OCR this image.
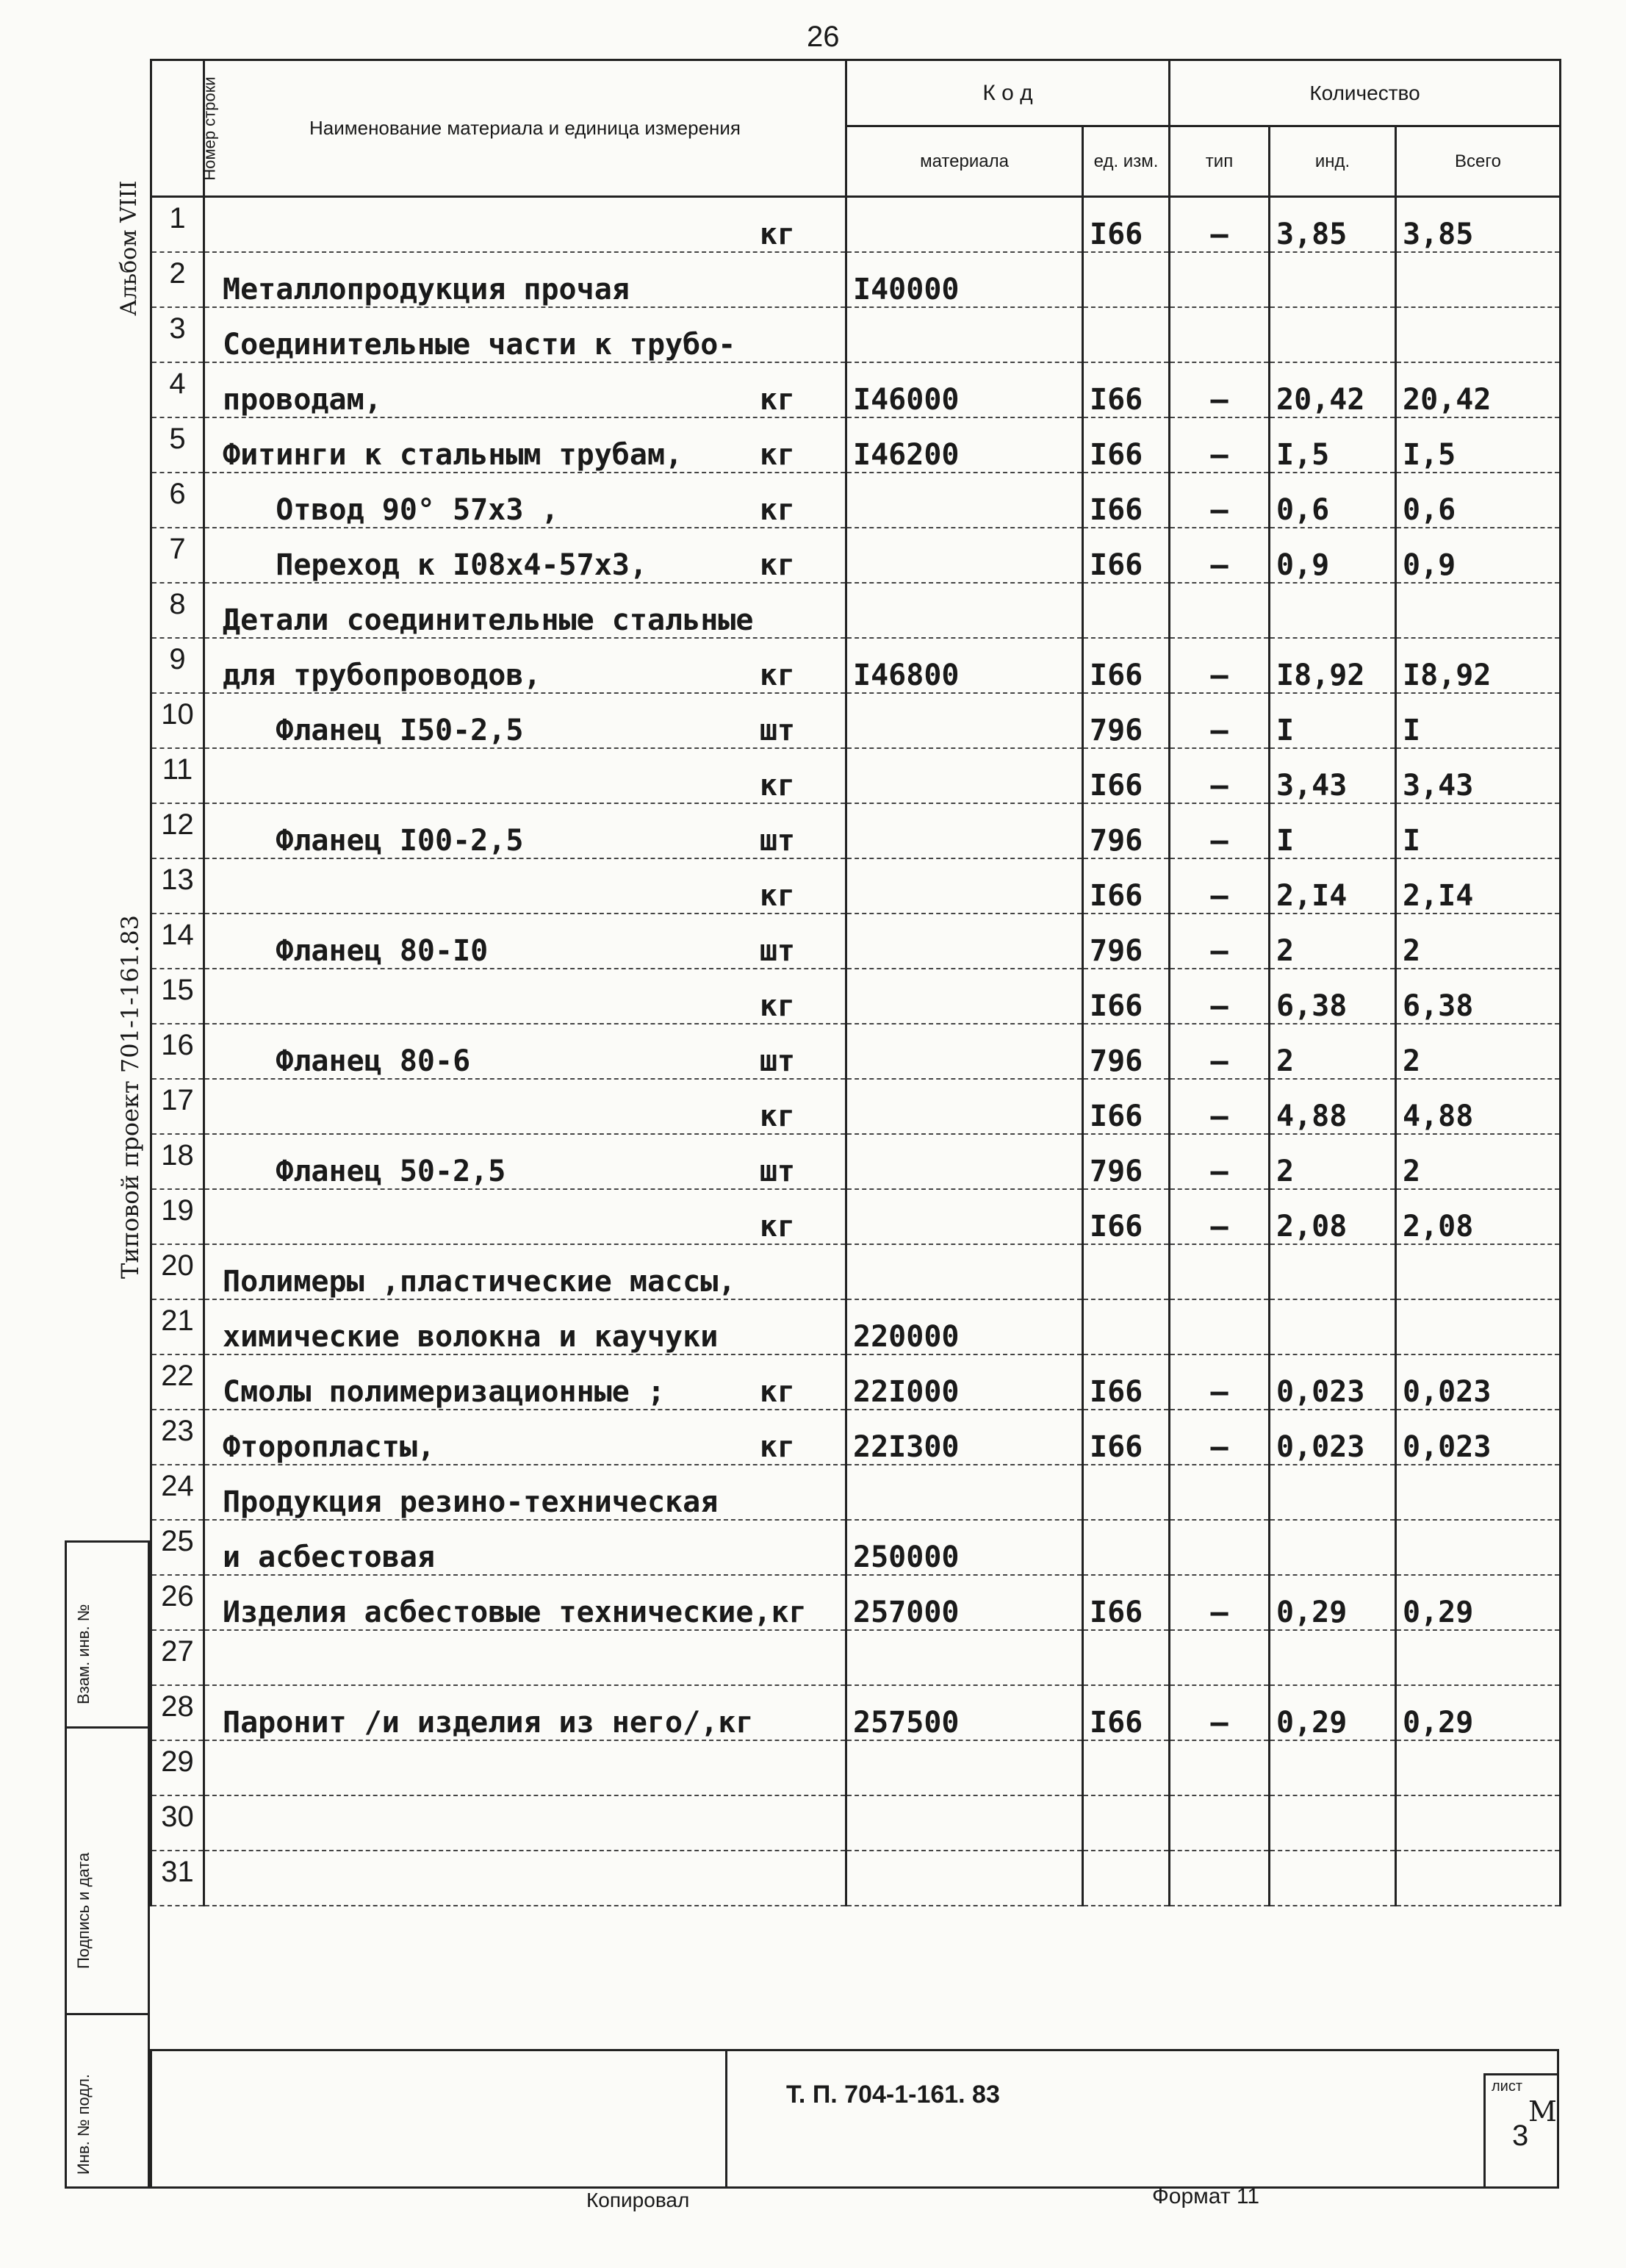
26
Альбом VIII
Типовой проект 701-1-161.83
Номер строки	Наименование материала и единица измерения	К о д		Количество		
		материала	ед. изм.	тип	инд.	Всего
1	кг		I66	–	3,85	3,85
2	Металлопродукция прочая	I40000				
3	Соединительные части к трубо-

4	проводам, кг	I46000	I66	–	20,42	20,42
5	Фитинги к стальным трубам, кг	I46200	I66	–	I,5	I,5
6	Отвод 90° 57х3 , кг		I66	–	0,6	0,6
7	Переход к I08х4-57х3, кг		I66	–	0,9	0,9
8	Детали соединительные стальные

9	для трубопроводов, кг	I46800	I66	–	I8,92	I8,92
10	Фланец I50-2,5 шт		796	–	I	I
11	кг		I66	–	3,43	3,43
12	Фланец I00-2,5 шт		796	–	I	I
13	кг		I66	–	2,I4	2,I4
14	Фланец 80-I0 шт		796	–	2	2
15	кг		I66	–	6,38	6,38
16	Фланец 80-6 шт		796	–	2	2
17	кг		I66	–	4,88	4,88
18	Фланец 50-2,5 шт		796	–	2	2
19	кг		I66	–	2,08	2,08
20	Полимеры ,пластические массы,

21	химические волокна и каучуки	220000				
22	Смолы полимеризационные ; кг	22I000	I66	–	0,023	0,023
23	Фторопласты, кг	22I300	I66	–	0,023	0,023
24	Продукция резино-техническая

25	и асбестовая	250000				
26	Изделия асбестовые технические,кг	257000	I66	–	0,29	0,29
27	

28	Паронит /и изделия из него/,кг	257500	I66	–	0,29	0,29
29	

30	

31	

Взам. инв. №
Подпись и дата
Инв. № подл.	Т. П. 704-1-161. 83
М
лист
3
Копировал	Формат 11
